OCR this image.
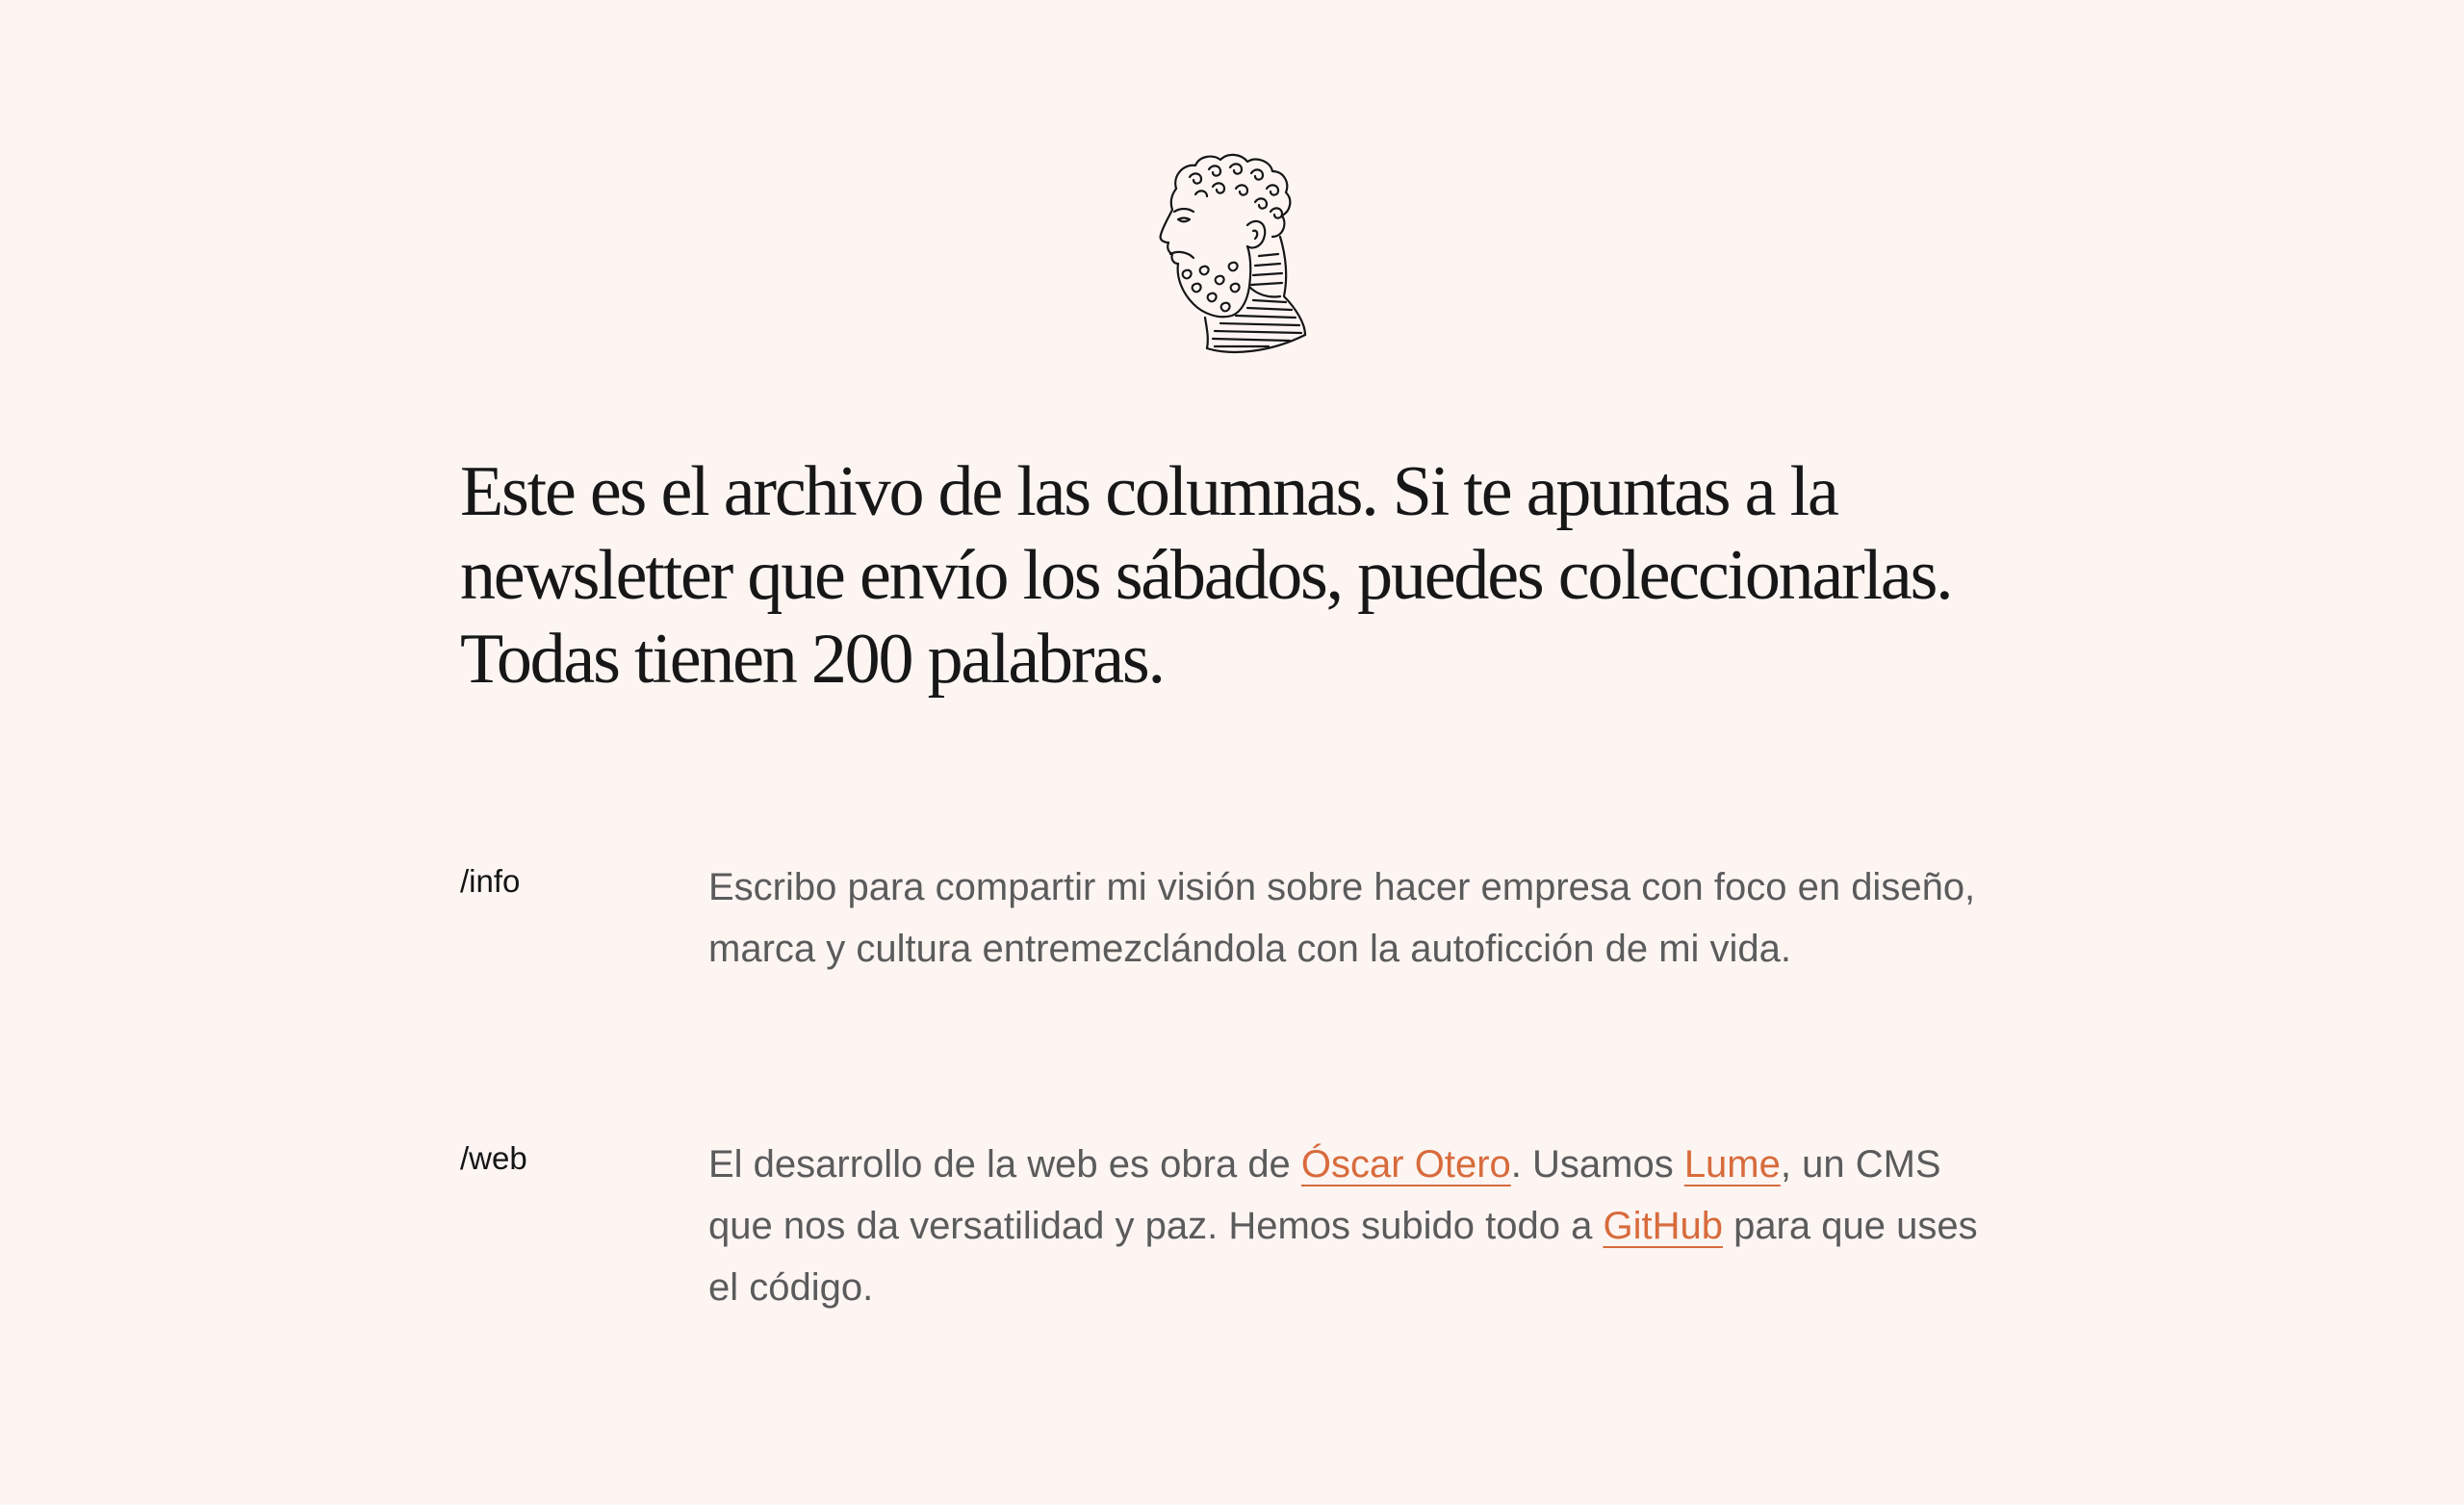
Este es el archivo de las columnas. Si te apuntas a la newsletter que envío los sábados, puedes coleccionarlas. Todas tienen 200 palabras.
/info	Escribo para compartir mi visión sobre hacer empresa con foco en diseño, marca y cultura entremezclándola con la autoficción de mi vida.

/web	El desarrollo de la web es obra de Óscar Otero. Usamos Lume, un CMS que nos da versatilidad y paz. Hemos subido todo a GitHub para que uses el código.
